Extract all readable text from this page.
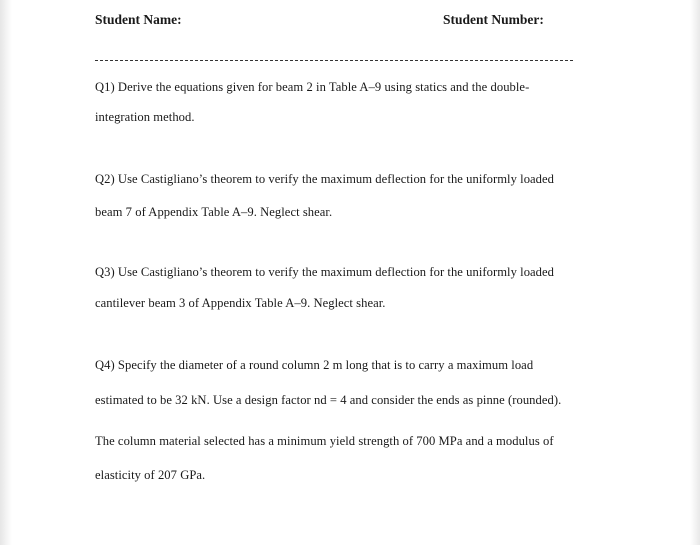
Student Name:	Student Number:
Q1) Derive the equations given for beam 2 in Table A–9 using statics and the double-
integration method.
Q2) Use Castigliano’s theorem to verify the maximum deflection for the uniformly loaded
beam 7 of Appendix Table A–9. Neglect shear.
Q3) Use Castigliano’s theorem to verify the maximum deflection for the uniformly loaded
cantilever beam 3 of Appendix Table A–9. Neglect shear.
Q4) Specify the diameter of a round column 2 m long that is to carry a maximum load
estimated to be 32 kN. Use a design factor nd = 4 and consider the ends as pinne (rounded).
The column material selected has a minimum yield strength of 700 MPa and a modulus of
elasticity of 207 GPa.
